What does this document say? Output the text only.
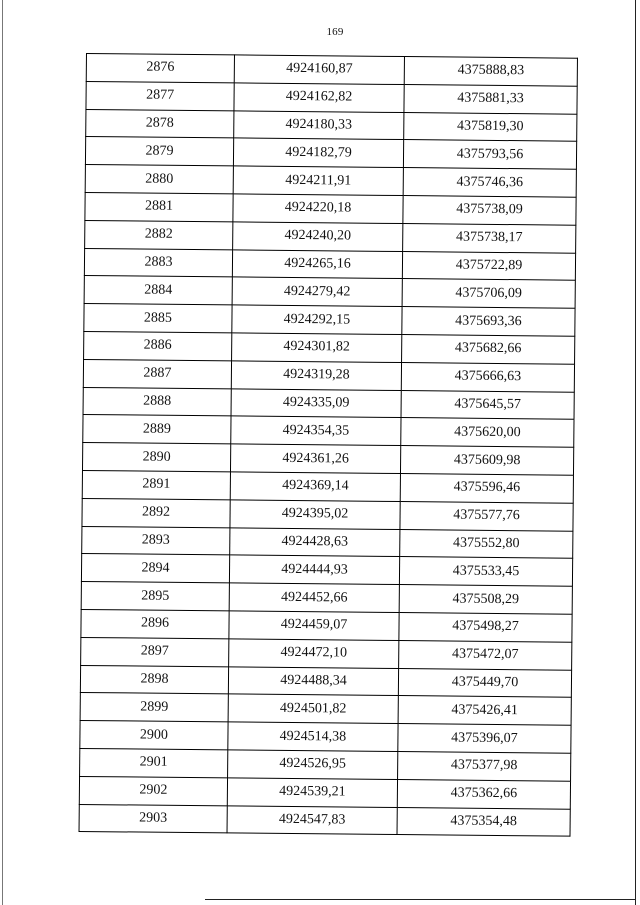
169
2876	4924160,87	4375888,83
2877	4924162,82	4375881,33
2878	4924180,33	4375819,30
2879	4924182,79	4375793,56
2880	4924211,91	4375746,36
2881	4924220,18	4375738,09
2882	4924240,20	4375738,17
2883	4924265,16	4375722,89
2884	4924279,42	4375706,09
2885	4924292,15	4375693,36
2886	4924301,82	4375682,66
2887	4924319,28	4375666,63
2888	4924335,09	4375645,57
2889	4924354,35	4375620,00
2890	4924361,26	4375609,98
2891	4924369,14	4375596,46
2892	4924395,02	4375577,76
2893	4924428,63	4375552,80
2894	4924444,93	4375533,45
2895	4924452,66	4375508,29
2896	4924459,07	4375498,27
2897	4924472,10	4375472,07
2898	4924488,34	4375449,70
2899	4924501,82	4375426,41
2900	4924514,38	4375396,07
2901	4924526,95	4375377,98
2902	4924539,21	4375362,66
2903	4924547,83	4375354,48
